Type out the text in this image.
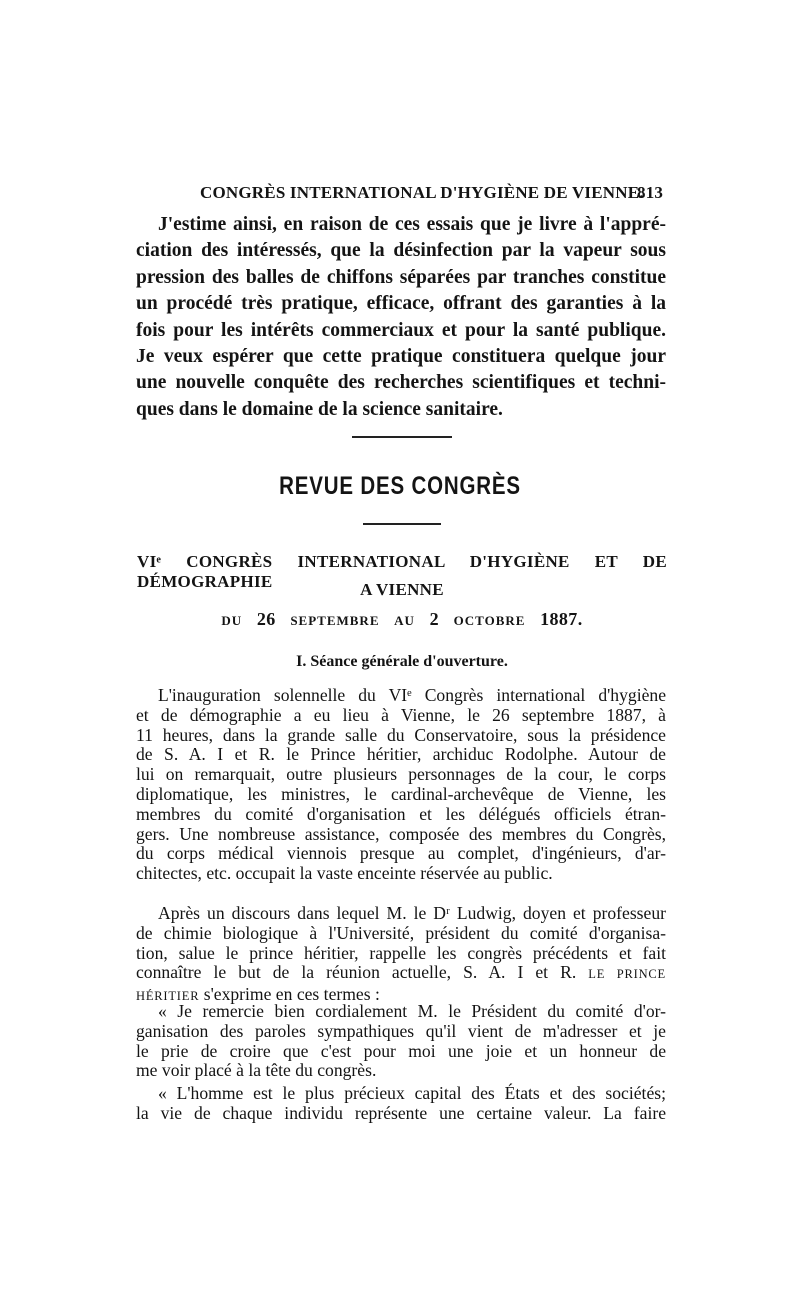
CONGRÈS INTERNATIONAL D'HYGIÈNE DE VIENNE.
813
J'estime ainsi, en raison de ces essais que je livre à l'appré-
ciation des intéressés, que la désinfection par la vapeur sous
pression des balles de chiffons séparées par tranches constitue
un procédé très pratique, efficace, offrant des garanties à la
fois pour les intérêts commerciaux et pour la santé publique.
Je veux espérer que cette pratique constituera quelque jour
une nouvelle conquête des recherches scientifiques et techni-
ques dans le domaine de la science sanitaire.
REVUE DES CONGRÈS
VIᵉ CONGRÈS INTERNATIONAL D'HYGIÈNE ET DE DÉMOGRAPHIE	A VIENNE
DU 26 SEPTEMBRE AU 2 OCTOBRE 1887.
I. Séance générale d'ouverture.
L'inauguration solennelle du VIᵉ Congrès international d'hygiène
et de démographie a eu lieu à Vienne, le 26 septembre 1887, à
11 heures, dans la grande salle du Conservatoire, sous la présidence
de S. A. I et R. le Prince héritier, archiduc Rodolphe. Autour de
lui on remarquait, outre plusieurs personnages de la cour, le corps
diplomatique, les ministres, le cardinal-archevêque de Vienne, les
membres du comité d'organisation et les délégués officiels étran-
gers. Une nombreuse assistance, composée des membres du Congrès,
du corps médical viennois presque au complet, d'ingénieurs, d'ar-
chitectes, etc. occupait la vaste enceinte réservée au public.
Après un discours dans lequel M. le Dʳ Ludwig, doyen et professeur
de chimie biologique à l'Université, président du comité d'organisa-
tion, salue le prince héritier, rappelle les congrès précédents et fait
connaître le but de la réunion actuelle, S. A. I et R. LE PRINCE
HÉRITIER s'exprime en ces termes :
« Je remercie bien cordialement M. le Président du comité d'or-
ganisation des paroles sympathiques qu'il vient de m'adresser et je
le prie de croire que c'est pour moi une joie et un honneur de
me voir placé à la tête du congrès.
« L'homme est le plus précieux capital des États et des sociétés;
la vie de chaque individu représente une certaine valeur. La faire
